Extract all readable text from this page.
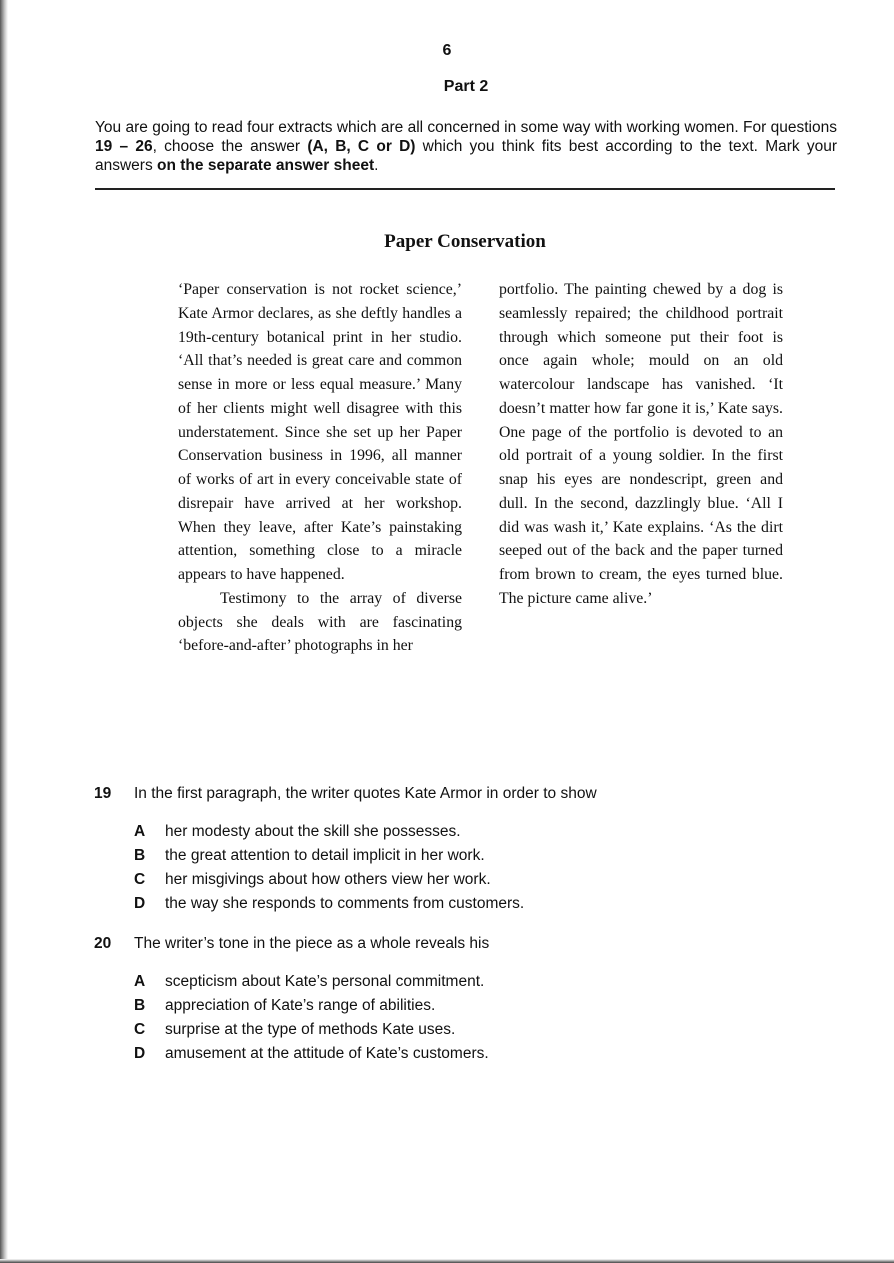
6
Part 2
You are going to read four extracts which are all concerned in some way with working women. For questions 19 – 26, choose the answer (A, B, C or D) which you think fits best according to the text. Mark your answers on the separate answer sheet.
Paper Conservation

‘Paper conservation is not rocket science,’ Kate Armor declares, as she deftly handles a 19th-century botanical print in her studio. ‘All that’s needed is great care and common sense in more or less equal measure.’ Many of her clients might well disagree with this understatement. Since she set up her Paper Conservation business in 1996, all manner of works of art in every conceivable state of disrepair have arrived at her workshop. When they leave, after Kate’s painstaking attention, something close to a miracle appears to have happened.

Testimony to the array of diverse objects she deals with are fascinating ‘before-and-after’ photographs in her

portfolio. The painting chewed by a dog is seamlessly repaired; the childhood portrait through which someone put their foot is once again whole; mould on an old watercolour landscape has vanished. ‘It doesn’t matter how far gone it is,’ Kate says. One page of the portfolio is devoted to an old portrait of a young soldier. In the first snap his eyes are nondescript, green and dull. In the second, dazzlingly blue. ‘All I did was wash it,’ Kate explains. ‘As the dirt seeped out of the back and the paper turned from brown to cream, the eyes turned blue. The picture came alive.’

19	In the first paragraph, the writer quotes Kate Armor in order to show
A	her modesty about the skill she possesses.
B	the great attention to detail implicit in her work.
C	her misgivings about how others view her work.
D	the way she responds to comments from customers.
20	The writer’s tone in the piece as a whole reveals his
A	scepticism about Kate’s personal commitment.
B	appreciation of Kate’s range of abilities.
C	surprise at the type of methods Kate uses.
D	amusement at the attitude of Kate’s customers.
